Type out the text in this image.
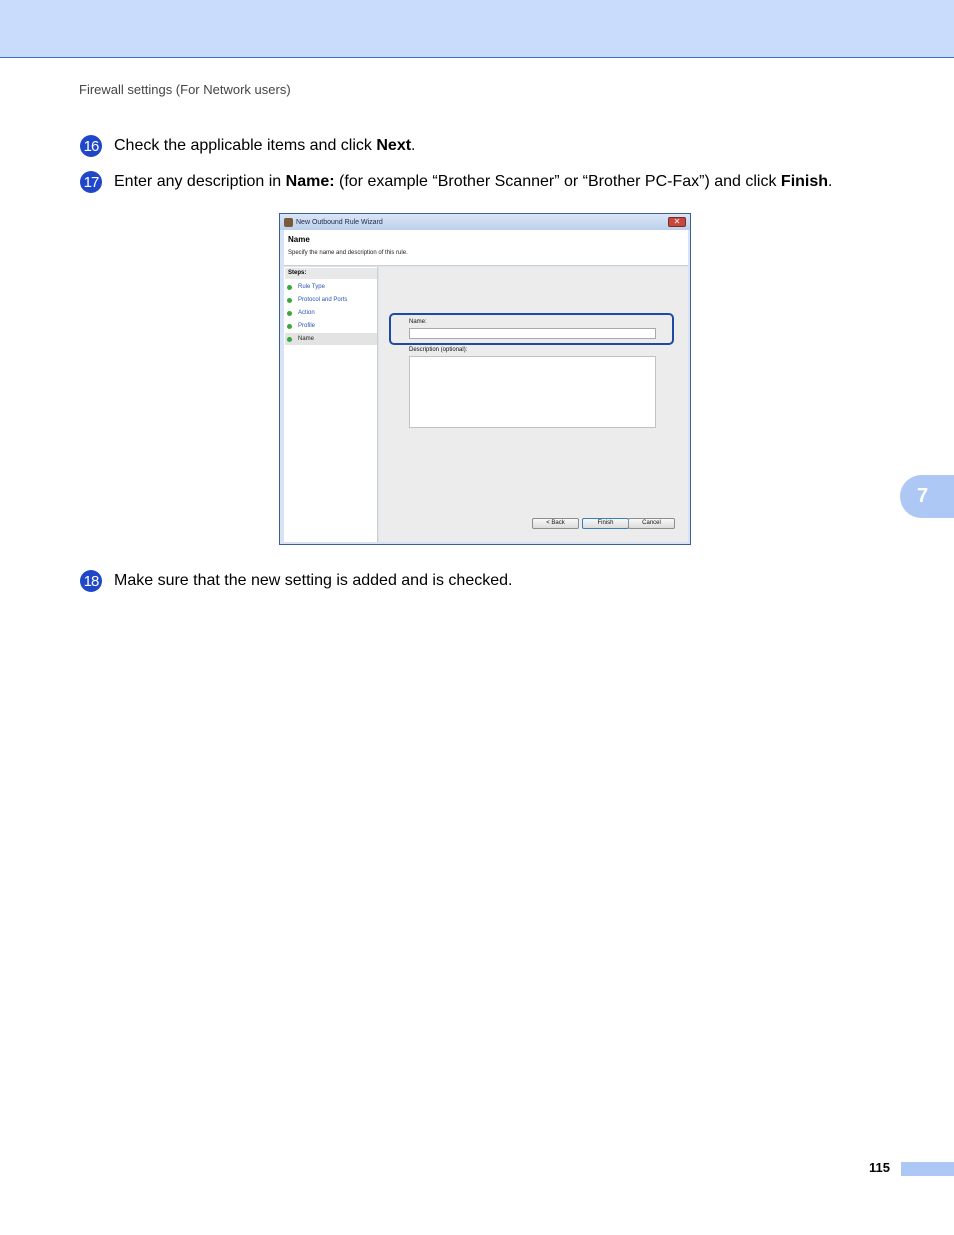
Firewall settings (For Network users)
16 Check the applicable items and click Next.
17 Enter any description in Name: (for example “Brother Scanner” or “Brother PC-Fax”) and click Finish.
New Outbound Rule Wizard	✕
Name
Specify the name and description of this rule.
Steps:
Rule Type
Protocol and Ports
Action
Profile
Name
Name:
Description (optional):
< Back	Finish	Cancel
18 Make sure that the new setting is added and is checked.
7
115
